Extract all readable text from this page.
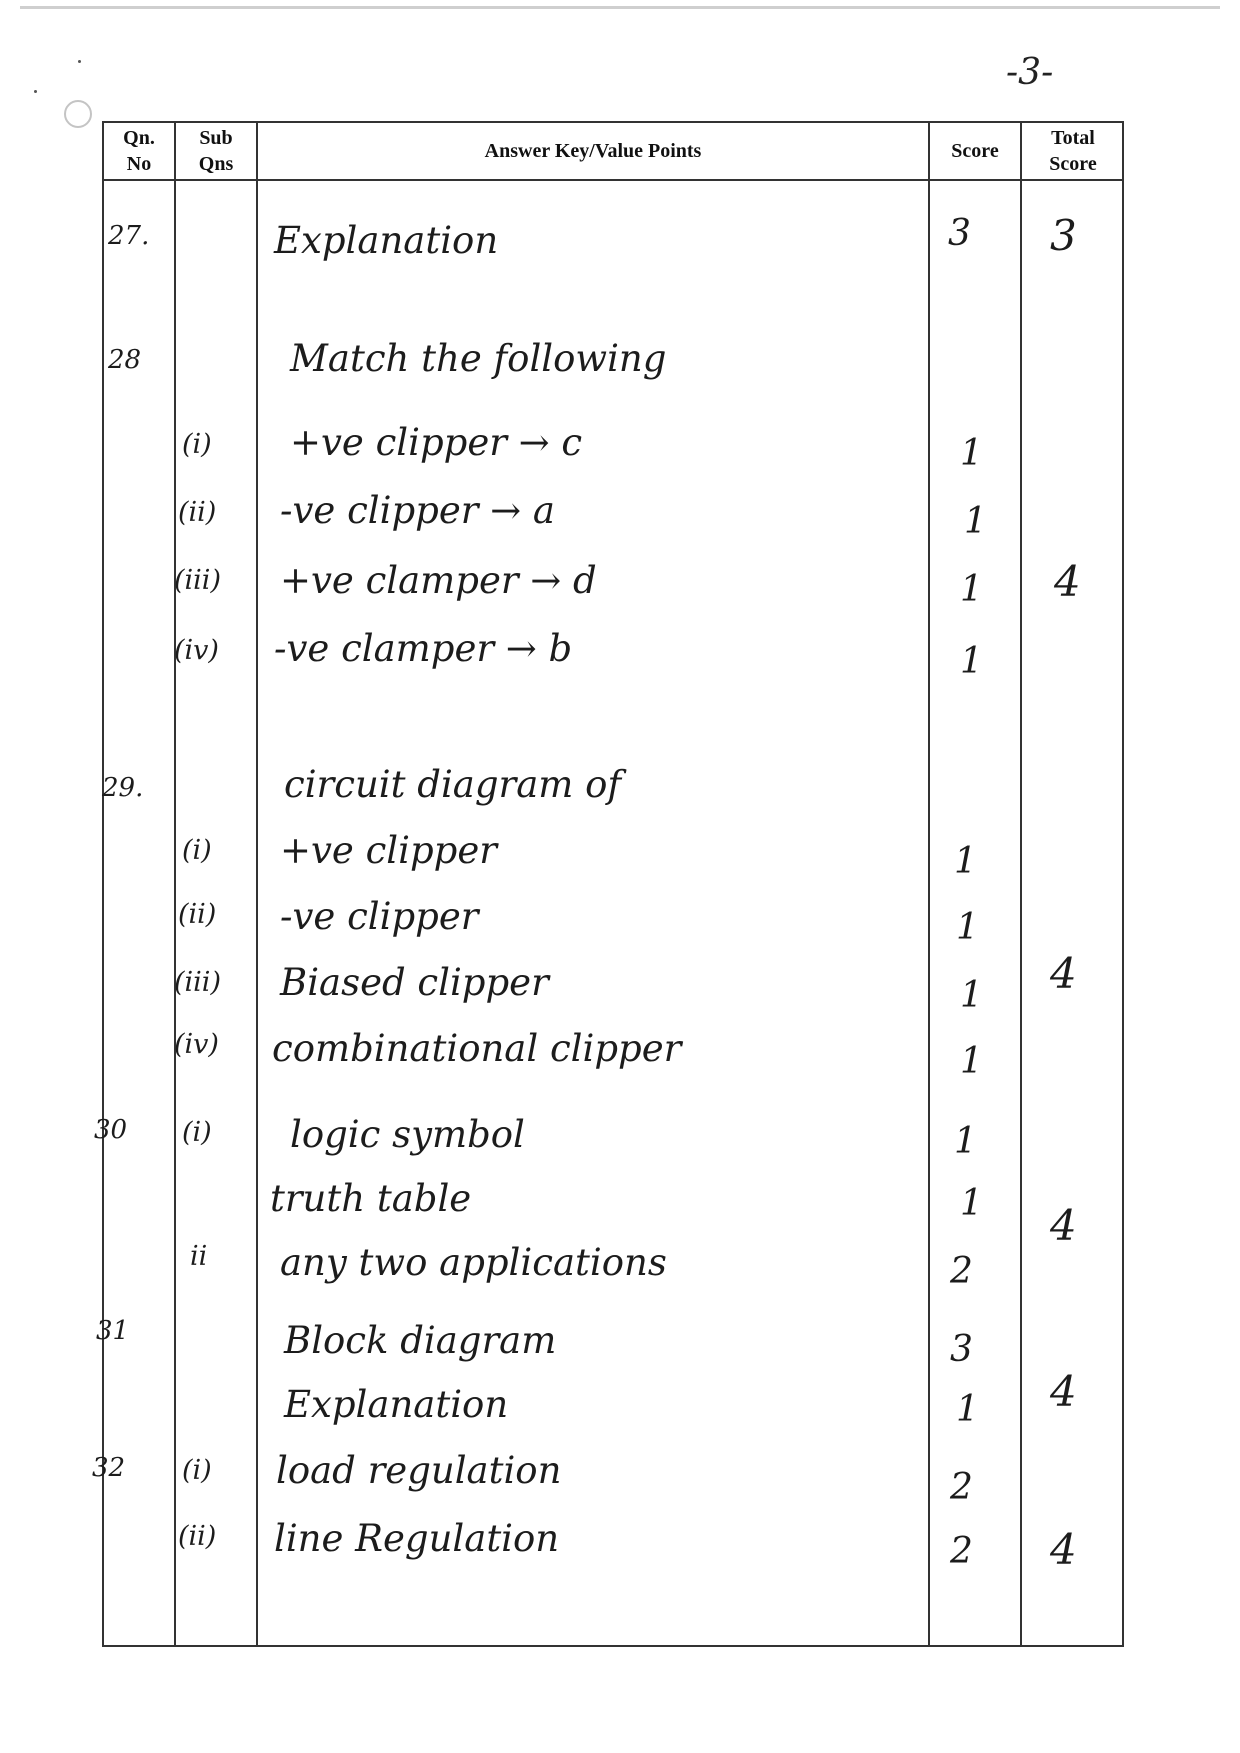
-3-
Qn.
No
Sub
Qns
Answer Key/Value Points	Score
Total
Score
27.
28
29.
30
31
32
(i)
(ii)
(iii)
(iv)
(i)
(ii)
(iii)
(iv)
(i)
ii
(i)
(ii)
Explanation
Match the following
+ve clipper → c
-ve clipper → a
+ve clamper → d
-ve clamper → b
circuit diagram of
+ve clipper
-ve clipper
Biased clipper
combinational clipper
logic symbol
truth table
any two applications
Block diagram
Explanation
load regulation
line Regulation
3
1
1
1
1
1
1
1
1
1
1
2
3
1
2
2
3
4
4
4
4
4
